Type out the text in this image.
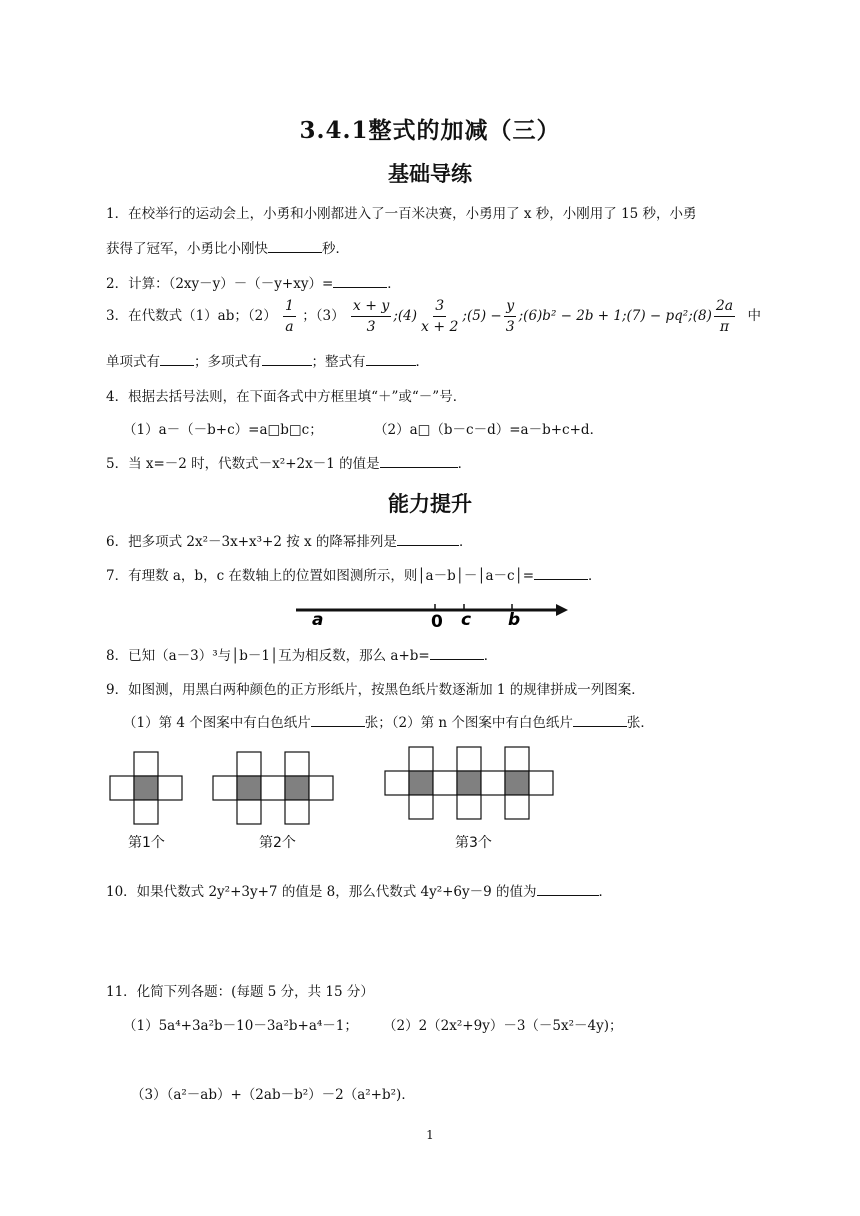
3.4.1整式的加减（三）
基础导练
1．在校举行的运动会上，小勇和小刚都进入了一百米决赛，小勇用了 x 秒，小刚用了 15 秒，小勇
获得了冠军，小勇比小刚快	秒．
2．计算：（2xy－y）－（－y+xy）=	．
3．在代数式（1）ab；$(2) \frac{1}{a}$ ；$(3) \frac{x + y}{3}$ ;(4) $\frac{3}{x + 2}$ ;(5) − $\frac{y}{3}$ ;(6)b² − 2b + 1;(7) − pq²;(8) $\frac{2a}{\pi}$ 中
单项式有	；多项式有	；整式有	．
4．根据去括号法则，在下面各式中方框里填“＋”或“－”号．
（1）a－（－b+c）=a□b□c；	（2）a□（b－c－d）=a－b+c+d．
5．当 x=－2 时，代数式－x²+2x－1 的值是	．
能力提升
6．把多项式 2x²－3x+x³+2 按 x 的降幂排列是	．
7．有理数 a，b，c 在数轴上的位置如图测所示，则│a－b│－│a－c│=	．
a	0 c b
8．已知（a－3）³与│b－1│互为相反数，那么 a+b=	．
9．如图测，用黑白两种颜色的正方形纸片，按黑色纸片数逐渐加 1 的规律拼成一列图案．
（1）第 4 个图案中有白色纸片	张；（2）第 n 个图案中有白色纸片	张．
第1个	第2个	第3个
10．如果代数式 2y²+3y+7 的值是 8，那么代数式 4y²+6y－9 的值为	．
11．化简下列各题：(每题 5 分，共 15 分）
（1）5a⁴+3a²b－10－3a²b+a⁴－1； （2）2（2x²+9y）－3（－5x²－4y)；
（3）（a²－ab）+（2ab－b²）－2（a²+b²)．
1
